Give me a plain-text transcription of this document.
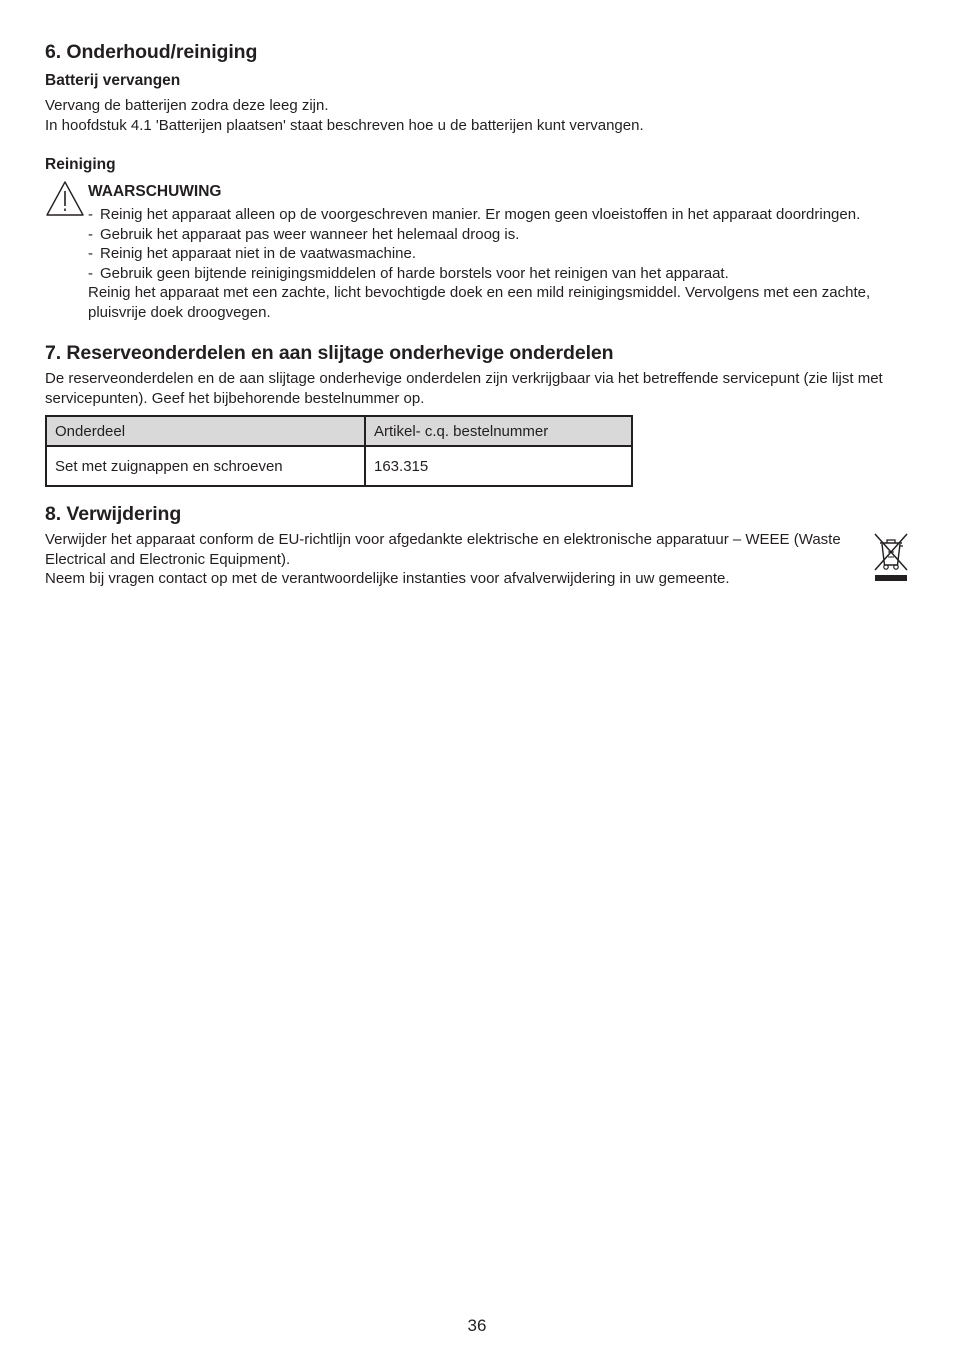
6. Onderhoud/reiniging
Batterij vervangen

Vervang de batterijen zodra deze leeg zijn.

In hoofdstuk 4.1 'Batterijen plaatsen' staat beschreven hoe u de batterijen kunt vervangen.

Reiniging
WAARSCHUWING
- Reinig het apparaat alleen op de voorgeschreven manier. Er mogen geen vloeistoffen in het apparaat doordringen.
- Gebruik het apparaat pas weer wanneer het helemaal droog is.
- Reinig het apparaat niet in de vaatwasmachine.
- Gebruik geen bijtende reinigingsmiddelen of harde borstels voor het reinigen van het apparaat.

Reinig het apparaat met een zachte, licht bevochtigde doek en een mild reinigingsmiddel. Vervolgens met een zachte, pluisvrije doek droogvegen.

7. Reserveonderdelen en aan slijtage onderhevige onderdelen

De reserveonderdelen en de aan slijtage onderhevige onderdelen zijn verkrijgbaar via het betreffende servicepunt (zie lijst met servicepunten). Geef het bijbehorende bestelnummer op.

Onderdeel	Artikel- c.q. bestelnummer
Set met zuignappen en schroeven	163.315
8. Verwijdering

Verwijder het apparaat conform de EU-richtlijn voor afgedankte elektrische en elektronische apparatuur – WEEE (Waste Electrical and Electronic Equipment).

Neem bij vragen contact op met de verantwoordelijke instanties voor afvalverwijdering in uw gemeente.

36
